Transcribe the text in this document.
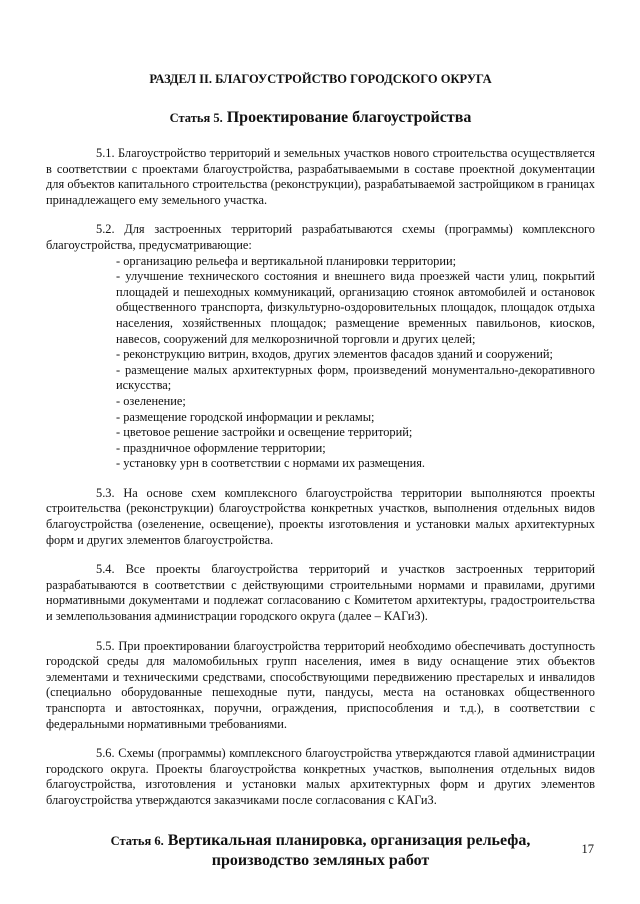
РАЗДЕЛ II. БЛАГОУСТРОЙСТВО ГОРОДСКОГО ОКРУГА
Статья 5. Проектирование благоустройства

5.1. Благоустройство территорий и земельных участков нового строительства осуществляется в соответствии с проектами благоустройства, разрабатываемыми в составе проектной документации для объектов капитального строительства (реконструкции), разрабатываемой застройщиком в границах принадлежащего ему земельного участка.

5.2. Для застроенных территорий разрабатываются схемы (программы) комплексного благоустройства, предусматривающие:

- организацию рельефа и вертикальной планировки территории;

- улучшение технического состояния и внешнего вида проезжей части улиц, покрытий площадей и пешеходных коммуникаций, организацию стоянок автомобилей и остановок общественного транспорта, физкультурно-оздоровительных площадок, площадок отдыха населения, хозяйственных площадок; размещение временных павильонов, киосков, навесов, сооружений для мелкорозничной торговли и других целей;

- реконструкцию витрин, входов, других элементов фасадов зданий и сооружений;

- размещение малых архитектурных форм, произведений монументально-декоративного искусства;

- озеленение;

- размещение городской информации и рекламы;

- цветовое решение застройки и освещение территорий;

- праздничное оформление территории;

- установку урн в соответствии с нормами их размещения.

5.3. На основе схем комплексного благоустройства территории выполняются проекты строительства (реконструкции) благоустройства конкретных участков, выполнения отдельных видов благоустройства (озеленение, освещение), проекты изготовления и установки малых архитектурных форм и других элементов благоустройства.

5.4. Все проекты благоустройства территорий и участков застроенных территорий разрабатываются в соответствии с действующими строительными нормами и правилами, другими нормативными документами и подлежат согласованию с Комитетом архитектуры, градостроительства и землепользования администрации городского округа (далее – КАГиЗ).

5.5. При проектировании благоустройства территорий необходимо обеспечивать доступность городской среды для маломобильных групп населения, имея в виду оснащение этих объектов элементами и техническими средствами, способствующими передвижению престарелых и инвалидов (специально оборудованные пешеходные пути, пандусы, места на остановках общественного транспорта и автостоянках, поручни, ограждения, приспособления и т.д.), в соответствии с федеральными нормативными требованиями.

5.6. Схемы (программы) комплексного благоустройства утверждаются главой администрации городского округа. Проекты благоустройства конкретных участков, выполнения отдельных видов благоустройства, изготовления и установки малых архитектурных форм и других элементов благоустройства утверждаются заказчиками после согласования с КАГиЗ.

Статья 6. Вертикальная планировка, организация рельефа,
производство земляных работ
17
